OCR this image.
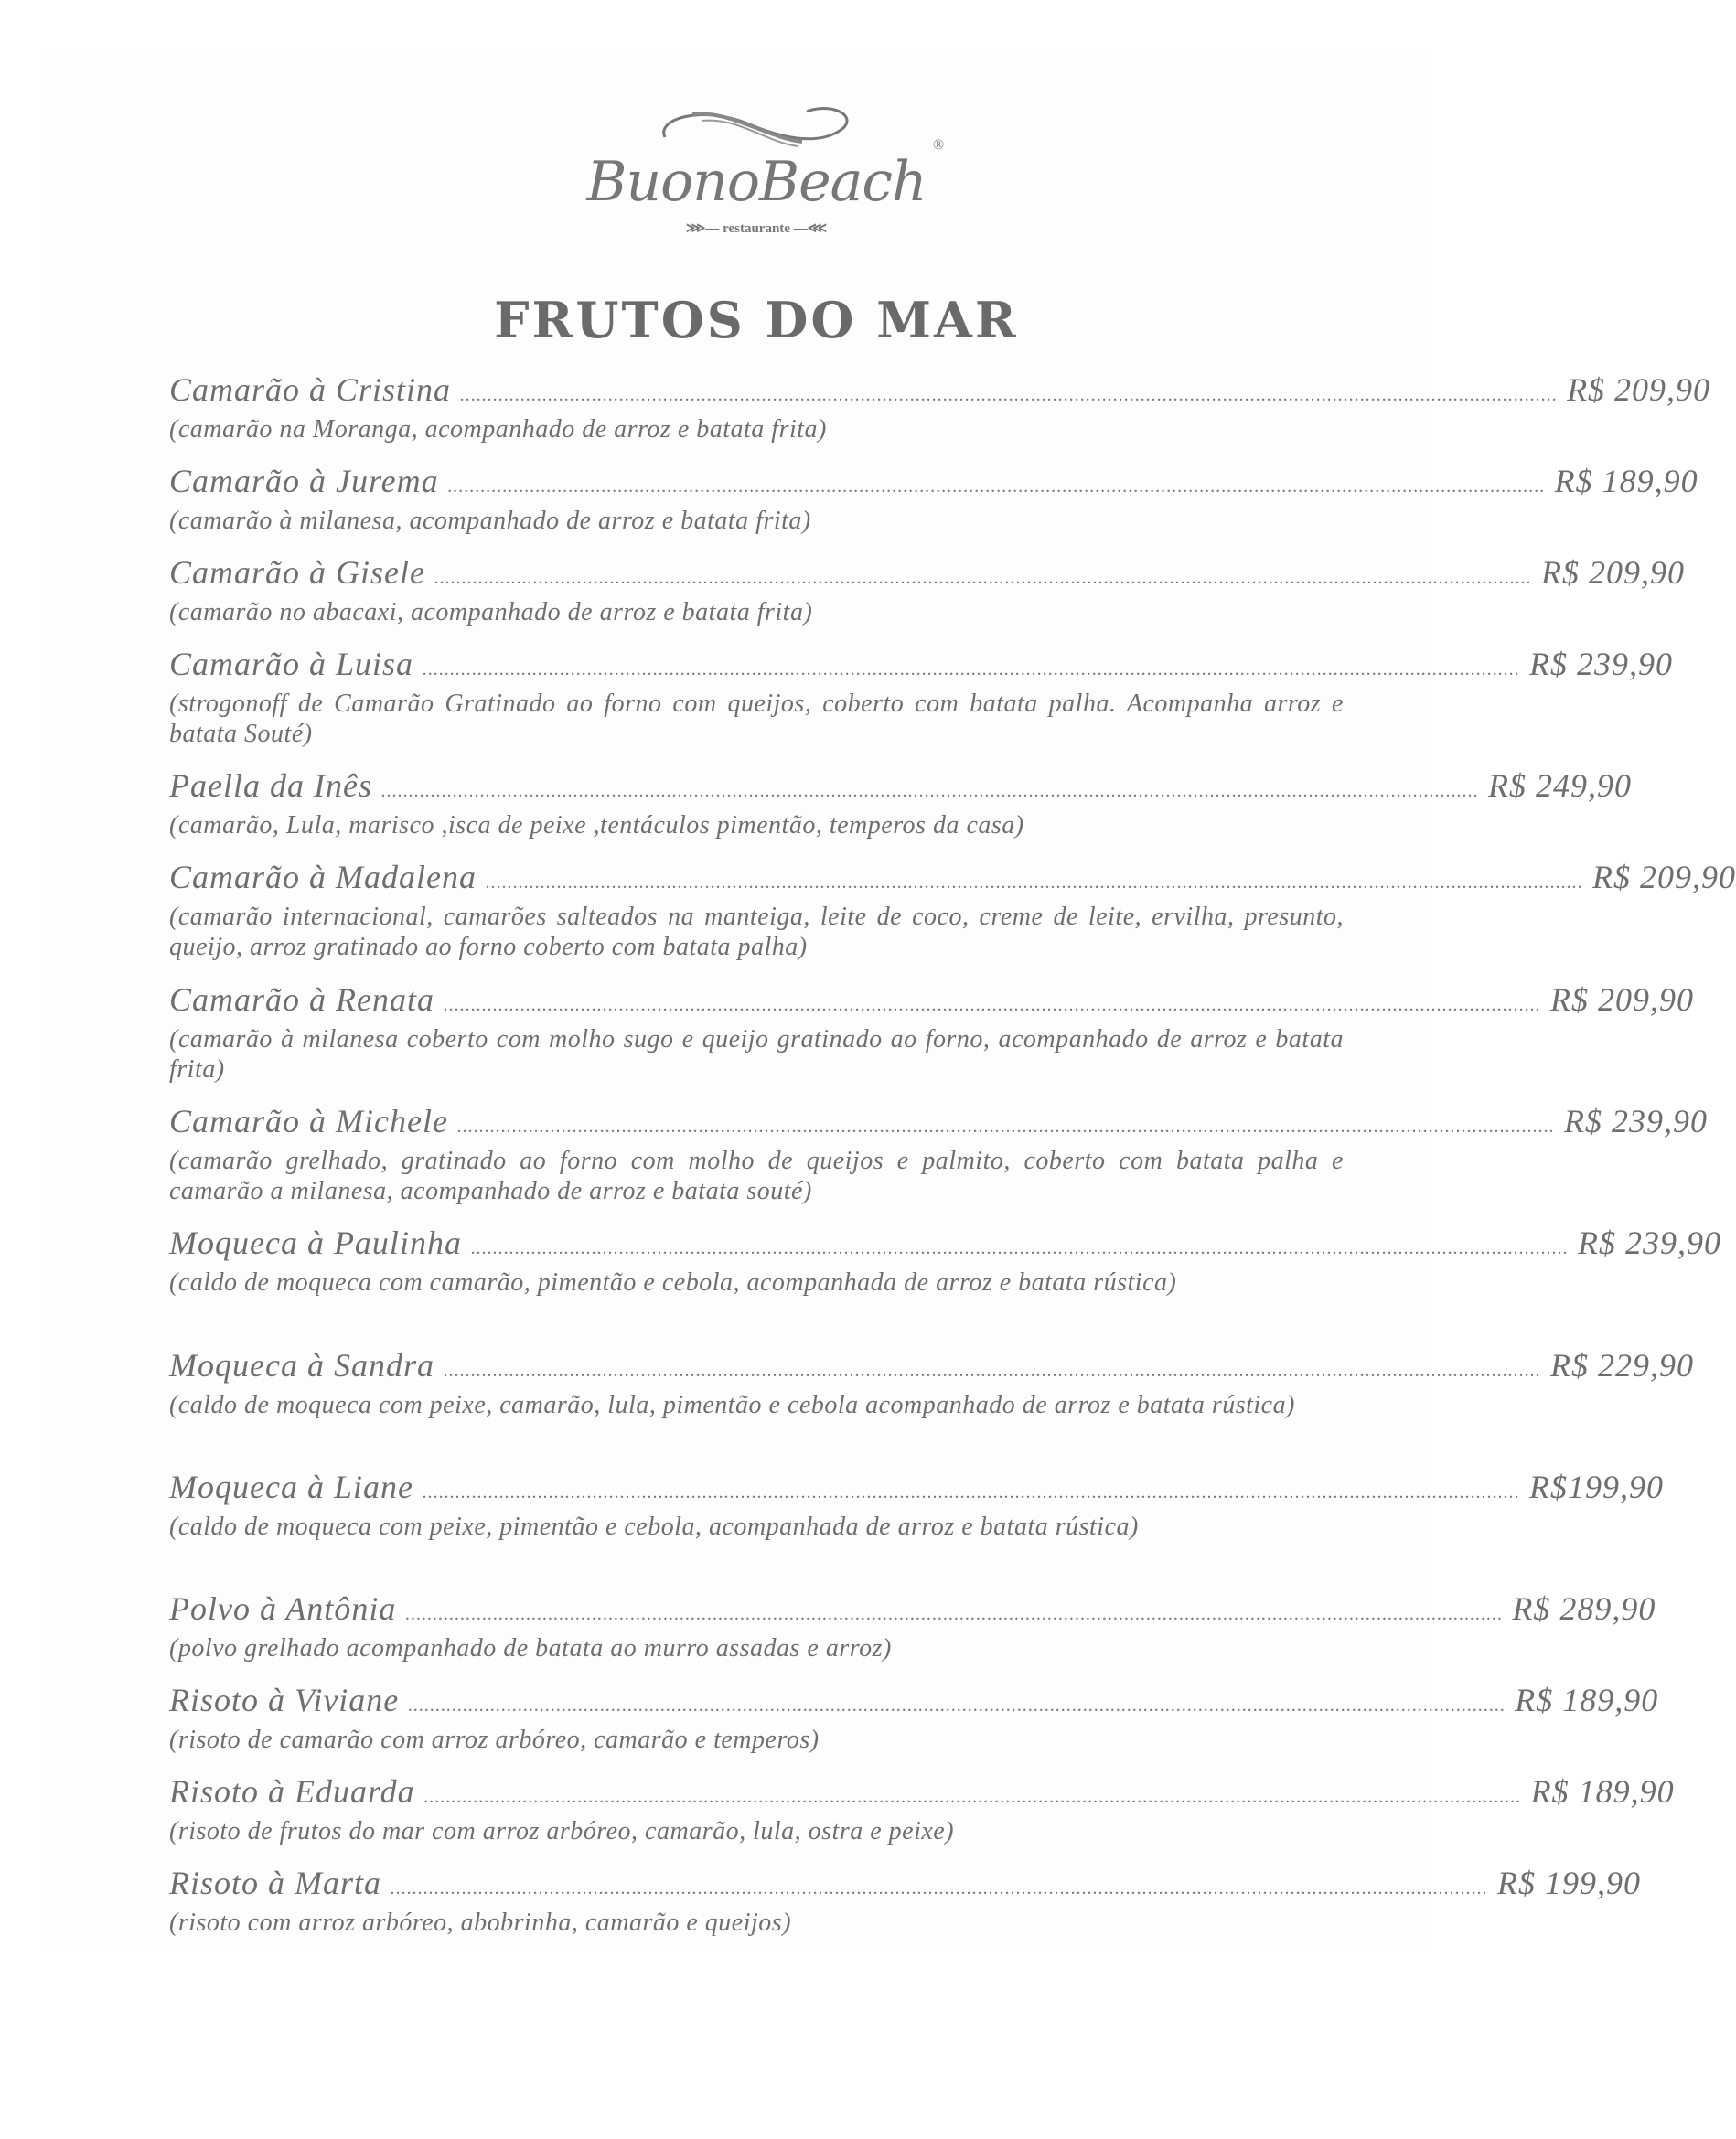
BuonoBeach
®
⋙— restaurante —⋘
FRUTOS DO MAR
Camarão à Cristina ........................................................................................................................................................................................................ R$ 209,90
(camarão na Moranga, acompanhado de arroz e batata frita)
Camarão à Jurema ........................................................................................................................................................................................................ R$ 189,90
(camarão à milanesa, acompanhado de arroz e batata frita)
Camarão à Gisele ........................................................................................................................................................................................................ R$ 209,90
(camarão no abacaxi, acompanhado de arroz e batata frita)
Camarão à Luisa ........................................................................................................................................................................................................ R$ 239,90
(strogonoff de Camarão Gratinado ao forno com queijos, coberto com batata palha. Acompanha arroz e batata Souté)
Paella da Inês ........................................................................................................................................................................................................ R$ 249,90
(camarão, Lula, marisco ,isca de peixe ,tentáculos pimentão, temperos da casa)
Camarão à Madalena ........................................................................................................................................................................................................ R$ 209,90
(camarão internacional, camarões salteados na manteiga, leite de coco, creme de leite, ervilha, presunto, queijo, arroz gratinado ao forno coberto com batata palha)
Camarão à Renata ........................................................................................................................................................................................................ R$ 209,90
(camarão à milanesa coberto com molho sugo e queijo gratinado ao forno, acompanhado de arroz e batata frita)
Camarão à Michele ........................................................................................................................................................................................................ R$ 239,90
(camarão grelhado, gratinado ao forno com molho de queijos e palmito, coberto com batata palha e camarão a milanesa, acompanhado de arroz e batata souté)
Moqueca à Paulinha ........................................................................................................................................................................................................ R$ 239,90
(caldo de moqueca com camarão, pimentão e cebola, acompanhada de arroz e batata rústica)
Moqueca à Sandra ........................................................................................................................................................................................................ R$ 229,90
(caldo de moqueca com peixe, camarão, lula, pimentão e cebola acompanhado de arroz e batata rústica)
Moqueca à Liane ........................................................................................................................................................................................................ R$199,90
(caldo de moqueca com peixe, pimentão e cebola, acompanhada de arroz e batata rústica)
Polvo à Antônia ........................................................................................................................................................................................................ R$ 289,90
(polvo grelhado acompanhado de batata ao murro assadas e arroz)
Risoto à Viviane ........................................................................................................................................................................................................ R$ 189,90
(risoto de camarão com arroz arbóreo, camarão e temperos)
Risoto à Eduarda ........................................................................................................................................................................................................ R$ 189,90
(risoto de frutos do mar com arroz arbóreo, camarão, lula, ostra e peixe)
Risoto à Marta ........................................................................................................................................................................................................ R$ 199,90
(risoto com arroz arbóreo, abobrinha, camarão e queijos)
